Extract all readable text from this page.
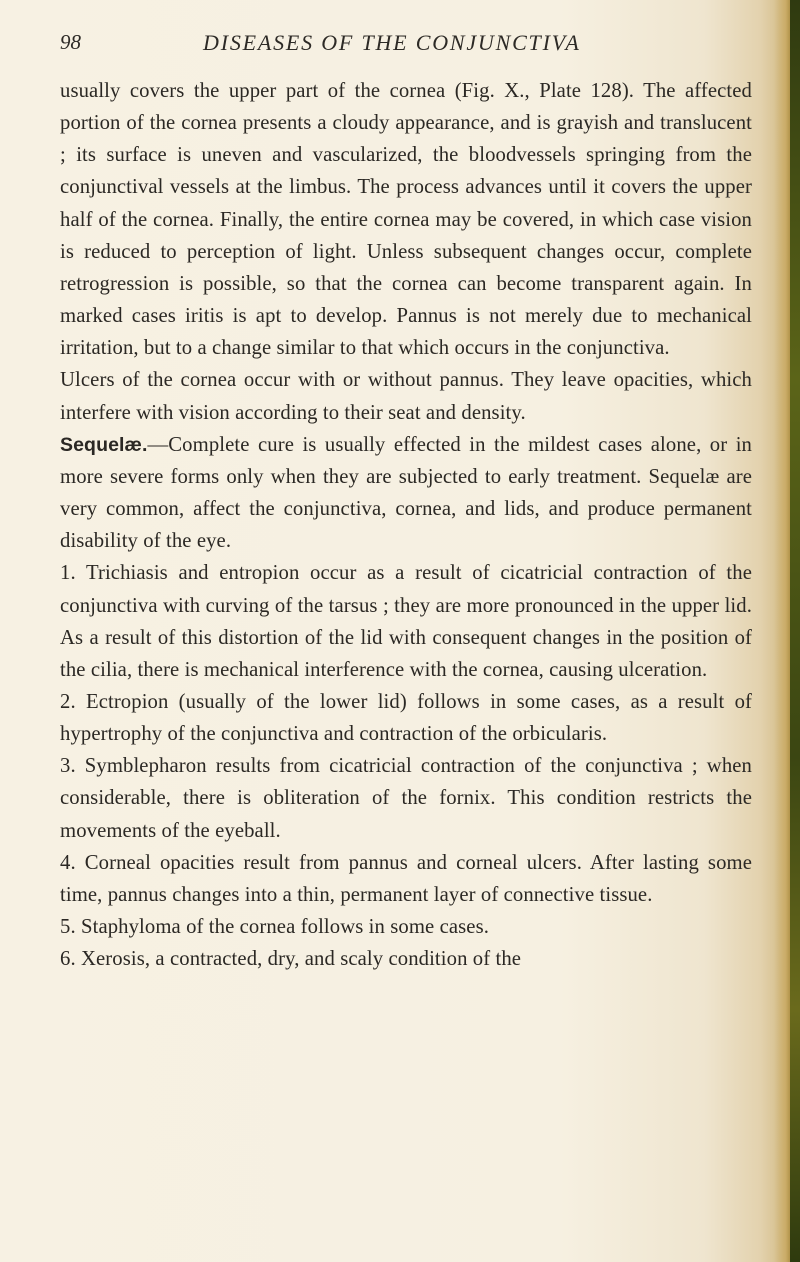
98	DISEASES OF THE CONJUNCTIVA

usually covers the upper part of the cornea (Fig. X., Plate 128). The affected portion of the cornea presents a cloudy appearance, and is grayish and translucent ; its surface is uneven and vascularized, the bloodvessels springing from the conjunctival vessels at the limbus. The process advances until it covers the upper half of the cornea. Finally, the entire cornea may be covered, in which case vision is reduced to perception of light. Unless subsequent changes occur, complete retrogression is possible, so that the cornea can become transparent again. In marked cases iritis is apt to develop. Pannus is not merely due to mechanical irritation, but to a change similar to that which occurs in the conjunctiva.

Ulcers of the cornea occur with or without pannus. They leave opacities, which interfere with vision according to their seat and density.

Sequelæ.—Complete cure is usually effected in the mildest cases alone, or in more severe forms only when they are subjected to early treatment. Sequelæ are very common, affect the conjunctiva, cornea, and lids, and produce permanent disability of the eye.

1. Trichiasis and entropion occur as a result of cicatricial contraction of the conjunctiva with curving of the tarsus ; they are more pronounced in the upper lid. As a result of this distortion of the lid with consequent changes in the position of the cilia, there is mechanical interference with the cornea, causing ulceration.

2. Ectropion (usually of the lower lid) follows in some cases, as a result of hypertrophy of the conjunctiva and contraction of the orbicularis.

3. Symblepharon results from cicatricial contraction of the conjunctiva ; when considerable, there is obliteration of the fornix. This condition restricts the movements of the eyeball.

4. Corneal opacities result from pannus and corneal ulcers. After lasting some time, pannus changes into a thin, permanent layer of connective tissue.

5. Staphyloma of the cornea follows in some cases.

6. Xerosis, a contracted, dry, and scaly condition of the
